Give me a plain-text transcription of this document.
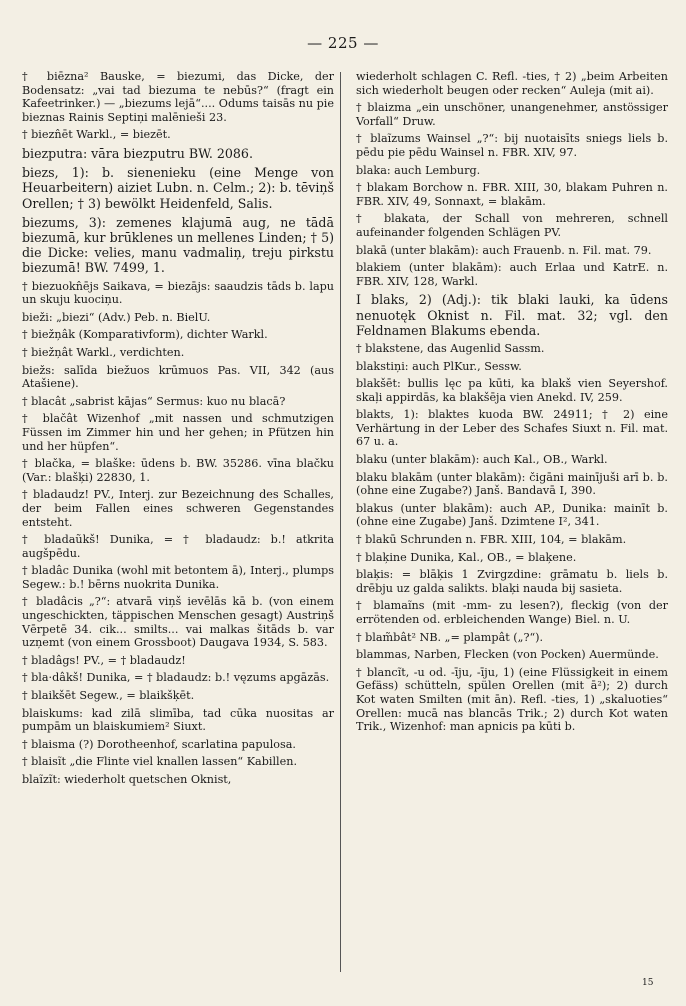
— 225 —

† biēzna² Bauske, = biezumi, das Dicke, der Bodensatz: „vai tad biezuma te nebūs?“ (fragt ein Kafeetrinker.) — „biezums lejā“.... Odums taisās nu pie bieznas Rainis Septiņi malēnieši 23.

† biezn̂ēt Warkl., = biezēt.

biezputra: vāra biezputru BW. 2086.

biezs, 1): b. sienenieku (eine Menge von Heuarbeitern) aiziet Lubn. n. Celm.; 2): b. tēviņš Orellen; † 3) bewölkt Heidenfeld, Salis.

biezums, 3): zemenes klajumā aug, ne tādā biezumā, kur brūklenes un mellenes Linden; † 5) die Dicke: velies, manu vadmaliņ, treju pirkstu biezumā! BW. 7499, 1.

† biezuokn̂ējs Saikava, = biezājs: saaudzis tāds b. lapu un skuju kuociņu.

bieži: „biezi“ (Adv.) Peb. n. BielU.

† biežņâk (Komparativform), dichter Warkl.

† biežņât Warkl., verdichten.

biežs: salīda biežuos krūmuos Pas. VII, 342 (aus Atašiene).

† blacât „sabrist kājas“ Sermus: kuo nu blacā?

† blačât Wizenhof „mit nassen und schmutzigen Füssen im Zimmer hin und her gehen; in Pfützen hin und her hüpfen“.

† blačka, = blaške: ūdens b. BW. 35286. vīna blačku (Var.: blašķi) 22830, 1.

† bladaudz! PV., Interj. zur Bezeichnung des Schalles, der beim Fallen eines schweren Gegenstandes entsteht.

† bladaũkš! Dunika, = † bladaudz: b.! atkrita augšpēdu.

† bladâc Dunika (wohl mit betontem ā), Interj., plumps Segew.: b.! bērns nuokrita Dunika.

† bladâcis „?“: atvarā viņš ievēlās kā b. (von einem ungeschickten, täppischen Menschen gesagt) Austriņš Vērpetē 34. cik... smilts... vai malkas šitāds b. var uzņemt (von einem Grossboot) Daugava 1934, S. 583.

† bladâgs! PV., = † bladaudz!

† bla·dâkš! Dunika, = † bladaudz: b.! vęzums apgāzās.

† blaikšēt Segew., = blaikšķēt.

blaiskums: kad zilā slimība, tad cūka nuositas ar pumpām un blaiskumiem² Siuxt.

† blaisma (?) Dorotheenhof, scarlatina papulosa.

† blaisĩt „die Flinte viel knallen lassen“ Kabillen.

blaĩzĩt: wiederholt quetschen Oknist,

wiederholt schlagen C. Refl. -ties, † 2) „beim Arbeiten sich wiederholt beugen oder recken“ Auleja (mit ai).

† blaizma „ein unschöner, unangenehmer, anstössiger Vorfall“ Druw.

† blaĩzums Wainsel „?“: bij nuotaisīts sniegs liels b. pēdu pie pēdu Wainsel n. FBR. XIV, 97.

blaka: auch Lemburg.

† blakam Borchow n. FBR. XIII, 30, blakam Puhren n. FBR. XIV, 49, Sonnaxt, = blakām.

† blakata, der Schall von mehreren, schnell aufeinander folgenden Schlägen PV.

blakā (unter blakām): auch Frauenb. n. Fil. mat. 79.

blakiem (unter blakām): auch Erlaa und KatrE. n. FBR. XIV, 128, Warkl.

I blaks, 2) (Adj.): tik blaki lauki, ka ūdens nenuotęk Oknist n. Fil. mat. 32; vgl. den Feldnamen Blakums ebenda.

† blakstene, das Augenlid Sassm.

blakstiņi: auch PlKur., Sessw.

blakšēt: bullis lęc pa kūti, ka blakš vien Seyershof. skaļi appirdās, ka blakšēja vien Anekd. IV, 259.

blakts, 1): blaktes kuoda BW. 24911; † 2) eine Verhärtung in der Leber des Schafes Siuxt n. Fil. mat. 67 u. a.

blaku (unter blakām): auch Kal., OB., Warkl.

blaku blakām (unter blakām): čigāni mainījuši arī b. b. (ohne eine Zugabe?) Janš. Bandavā I, 390.

blakus (unter blakām): auch AP., Dunika: mainīt b. (ohne eine Zugabe) Janš. Dzimtene I², 341.

† blakū Schrunden n. FBR. XIII, 104, = blakām.

† blaķine Dunika, Kal., OB., = blaķene.

blaķis: = blāķis 1 Zvirgzdine: grāmatu b. liels b. drēbju uz galda salikts. blaķi nauda bij sasieta.

† blamaĩns (mit -mm- zu lesen?), fleckig (von der errötenden od. erbleichenden Wange) Biel. n. U.

† blam̃bât² NB. „= plampât („?“).

blammas, Narben, Flecken (von Pocken) Auermünde.

† blancĩt, -u od. -īju, -īju, 1) (eine Flüssigkeit in einem Gefäss) schütteln, spülen Orellen (mit ā²); 2) durch Kot waten Smilten (mit ān). Refl. -ties, 1) „skaluoties“ Orellen: mucā nas blancās Trik.; 2) durch Kot waten Trik., Wizenhof: man apnicis pa kūti b.

15
